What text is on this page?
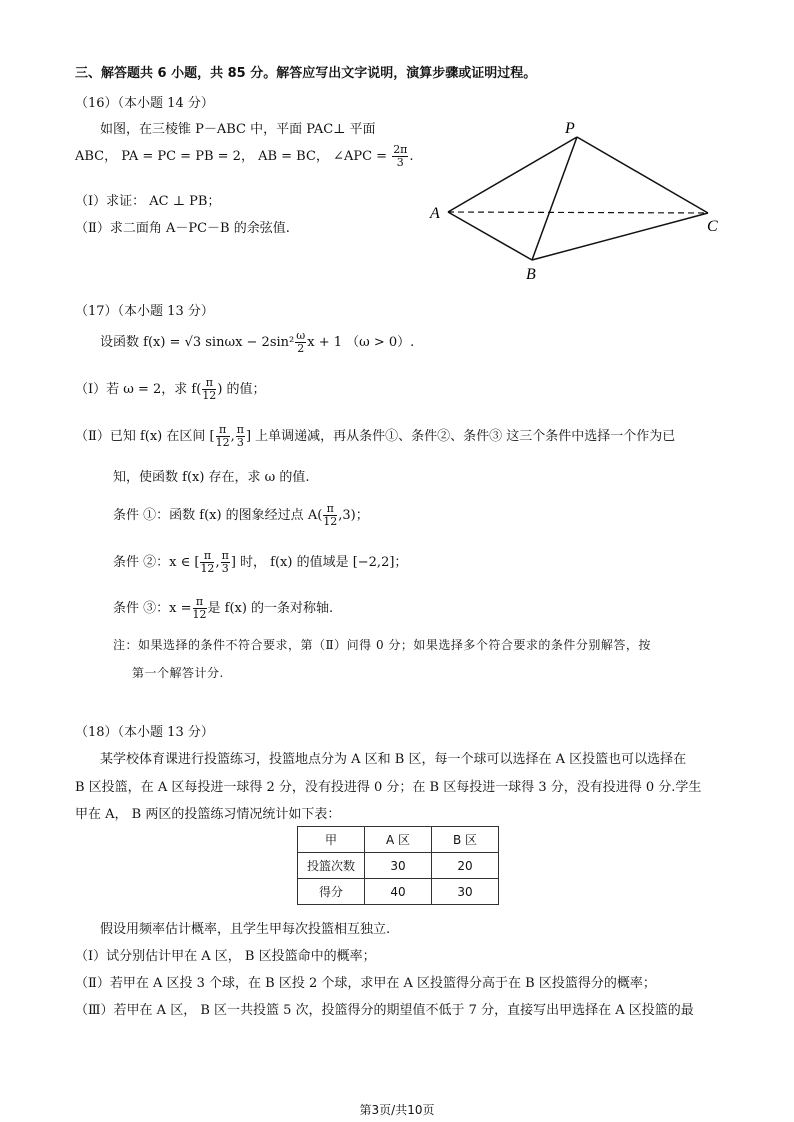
三、解答题共 6 小题，共 85 分。解答应写出文字说明，演算步骤或证明过程。
（16）（本小题 14 分）
如图，在三棱锥 P－ABC 中，平面 PAC⊥ 平面
ABC， PA = PC = PB = 2， AB = BC， ∠APC = $\frac{2\pi}{3}$ .
（Ⅰ）求证： AC ⊥ PB；
（Ⅱ）求二面角 A－PC－B 的余弦值.
P
A
B
C
（17）（本小题 13 分）
设函数 f(x) = √3 $\sin\omega x - 2\sin^2 \frac{\omega}{2}$ x + 1 （ω > 0）.
（Ⅰ）若 ω = 2，求 $f( \frac{\pi}{12}$ ) 的值；
（Ⅱ）已知 f(x) 在区间 [ $\frac{\pi}{12}$ , $\frac{\pi}{3}$ ] 上单调递减，再从条件①、条件②、条件③ 这三个条件中选择一个作为已
知，使函数 f(x) 存在，求 ω 的值.
条件 ①：函数 f(x) 的图象经过点 $A( \frac{\pi}{12} ,3)$；
条件 ②：x ∈ [ $\frac{\pi}{12}$ , $\frac{\pi}{3}$ ] 时， f(x) 的值域是 [−2,2]；
条件 ③：$x = \frac{\pi}{12}$ 是 f(x) 的一条对称轴.
注：如果选择的条件不符合要求，第（Ⅱ）问得 0 分；如果选择多个符合要求的条件分别解答，按
第一个解答计分.
（18）（本小题 13 分）
某学校体育课进行投篮练习，投篮地点分为 A 区和 B 区，每一个球可以选择在 A 区投篮也可以选择在
B 区投篮，在 A 区每投进一球得 2 分，没有投进得 0 分；在 B 区每投进一球得 3 分，没有投进得 0 分.学生
甲在 A， B 两区的投篮练习情况统计如下表：
甲	A 区	B 区
投篮次数	30	20
得分	40	30
假设用频率估计概率，且学生甲每次投篮相互独立.
（Ⅰ）试分别估计甲在 A 区， B 区投篮命中的概率；
（Ⅱ）若甲在 A 区投 3 个球，在 B 区投 2 个球，求甲在 A 区投篮得分高于在 B 区投篮得分的概率；
（Ⅲ）若甲在 A 区， B 区一共投篮 5 次，投篮得分的期望值不低于 7 分，直接写出甲选择在 A 区投篮的最
第3页/共10页
